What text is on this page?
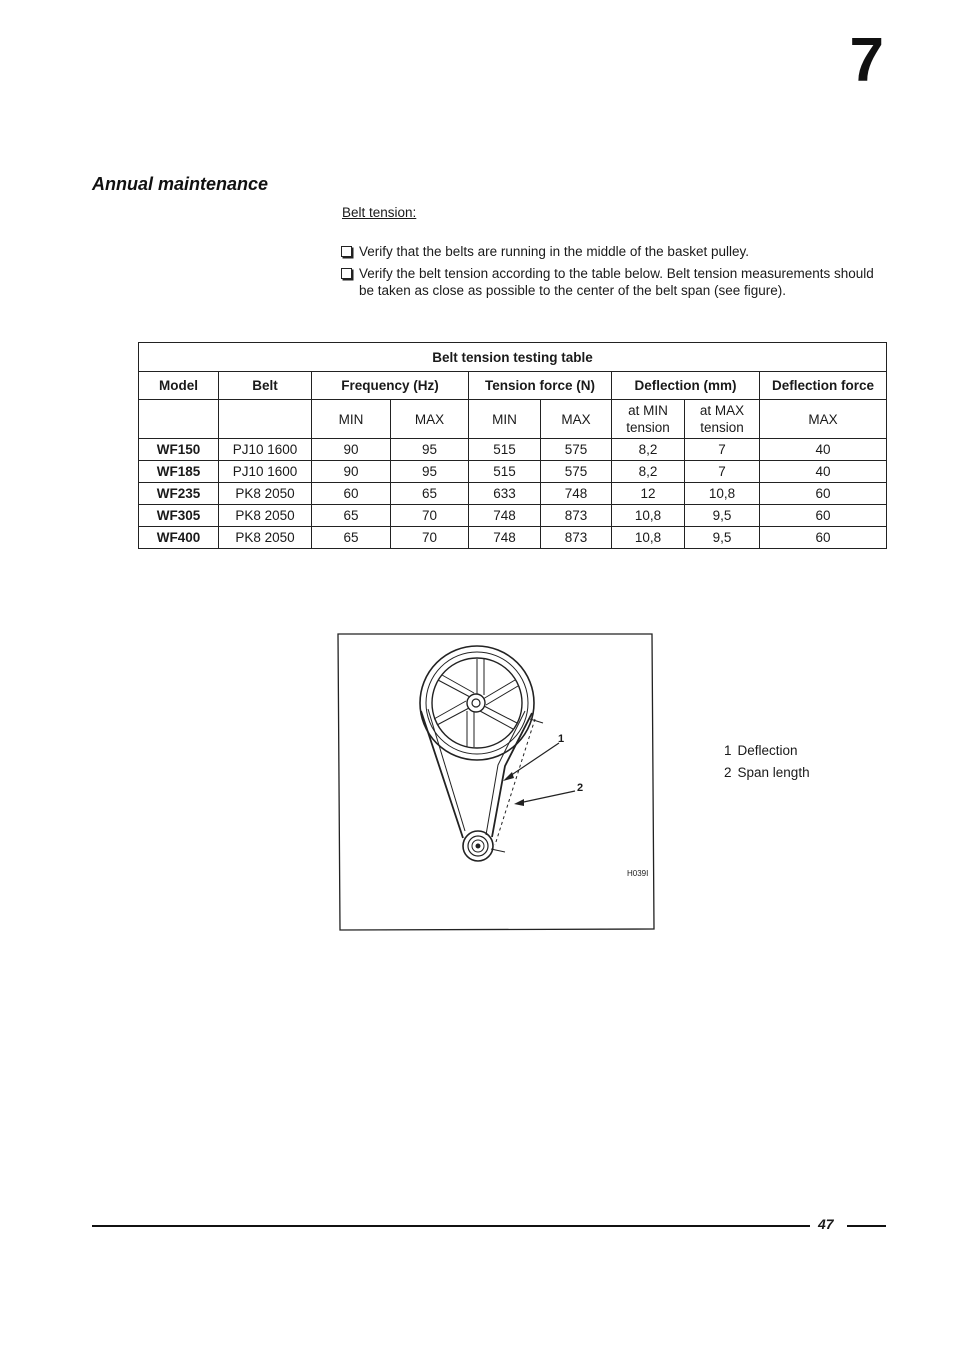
7
Annual maintenance
Belt tension:
Verify that the belts are running in the middle of the basket pulley.
Verify the belt tension according to the table below. Belt tension measurements should be taken as close as possible to the center of the belt span (see figure).
Belt tension testing table								
Model	Belt	Frequency (Hz)		Tension force (N)		Deflection (mm)		Deflection force
		MIN	MAX	MIN	MAX	at MIN tension	at MAX tension	MAX
WF150	PJ10 1600	90	95	515	575	8,2	7	40
WF185	PJ10 1600	90	95	515	575	8,2	7	40
WF235	PK8 2050	60	65	633	748	12	10,8	60
WF305	PK8 2050	65	70	748	873	10,8	9,5	60
WF400	PK8 2050	65	70	748	873	10,8	9,5	60
1
2
H039I
1 Deflection
2 Span length
47
